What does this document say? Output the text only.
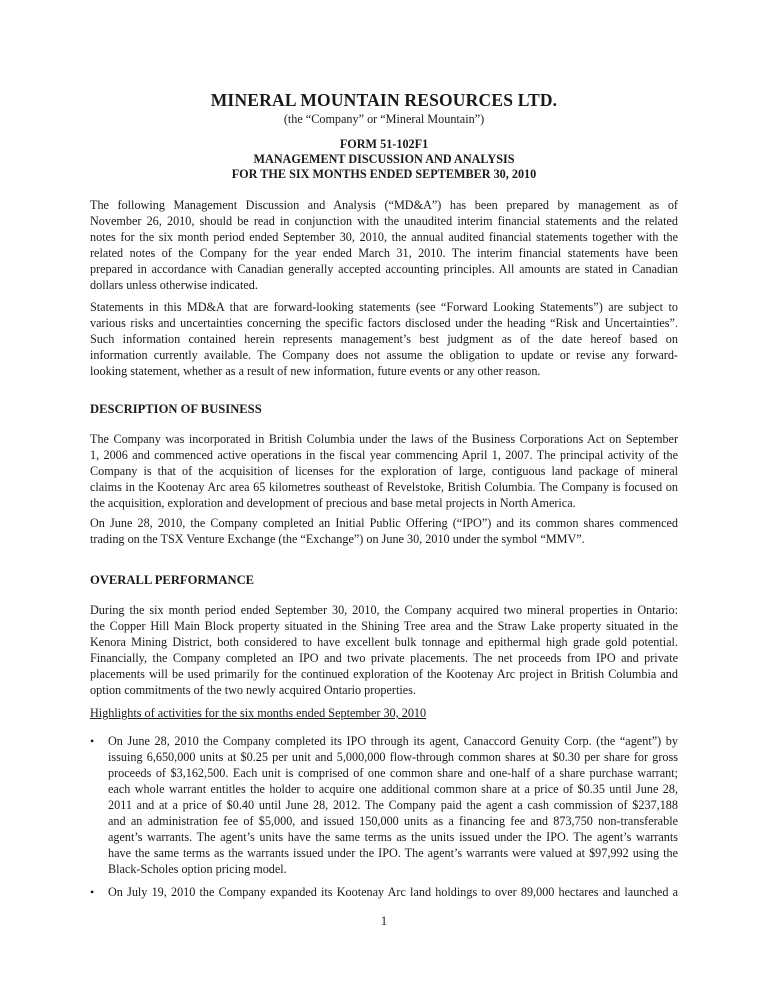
MINERAL MOUNTAIN RESOURCES LTD.
(the “Company” or “Mineral Mountain”)
FORM 51-102F1
MANAGEMENT DISCUSSION AND ANALYSIS
FOR THE SIX MONTHS ENDED SEPTEMBER 30, 2010
The following Management Discussion and Analysis (“MD&A”) has been prepared by management as of
November 26, 2010, should be read in conjunction with the unaudited interim financial statements and the related
notes for the six month period ended September 30, 2010, the annual audited financial statements together with the
related notes of the Company for the year ended March 31, 2010. The interim financial statements have been
prepared in accordance with Canadian generally accepted accounting principles. All amounts are stated in Canadian
dollars unless otherwise indicated.
Statements in this MD&A that are forward-looking statements (see “Forward Looking Statements”) are subject to
various risks and uncertainties concerning the specific factors disclosed under the heading “Risk and Uncertainties”.
Such information contained herein represents management’s best judgment as of the date hereof based on
information currently available. The Company does not assume the obligation to update or revise any forward-
looking statement, whether as a result of new information, future events or any other reason.
DESCRIPTION OF BUSINESS
The Company was incorporated in British Columbia under the laws of the Business Corporations Act on September
1, 2006 and commenced active operations in the fiscal year commencing April 1, 2007. The principal activity of the
Company is that of the acquisition of licenses for the exploration of large, contiguous land package of mineral
claims in the Kootenay Arc area 65 kilometres southeast of Revelstoke, British Columbia. The Company is focused on
the acquisition, exploration and development of precious and base metal projects in North America.
On June 28, 2010, the Company completed an Initial Public Offering (“IPO”) and its common shares commenced
trading on the TSX Venture Exchange (the “Exchange”) on June 30, 2010 under the symbol “MMV”.
OVERALL PERFORMANCE
During the six month period ended September 30, 2010, the Company acquired two mineral properties in Ontario:
the Copper Hill Main Block property situated in the Shining Tree area and the Straw Lake property situated in the
Kenora Mining District, both considered to have excellent bulk tonnage and epithermal high grade gold potential.
Financially, the Company completed an IPO and two private placements. The net proceeds from IPO and private
placements will be used primarily for the continued exploration of the Kootenay Arc project in British Columbia and
option commitments of the two newly acquired Ontario properties.
Highlights of activities for the six months ended September 30, 2010
• On June 28, 2010 the Company completed its IPO through its agent, Canaccord Genuity Corp. (the “agent”) by
issuing 6,650,000 units at $0.25 per unit and 5,000,000 flow-through common shares at $0.30 per share for gross
proceeds of $3,162,500. Each unit is comprised of one common share and one-half of a share purchase warrant;
each whole warrant entitles the holder to acquire one additional common share at a price of $0.35 until June 28,
2011 and at a price of $0.40 until June 28, 2012. The Company paid the agent a cash commission of $237,188
and an administration fee of $5,000, and issued 150,000 units as a financing fee and 873,750 non-transferable
agent’s warrants. The agent’s units have the same terms as the units issued under the IPO. The agent’s warrants
have the same terms as the warrants issued under the IPO. The agent’s warrants were valued at $97,992 using the
Black-Scholes option pricing model.
• On July 19, 2010 the Company expanded its Kootenay Arc land holdings to over 89,000 hectares and launched a
1
